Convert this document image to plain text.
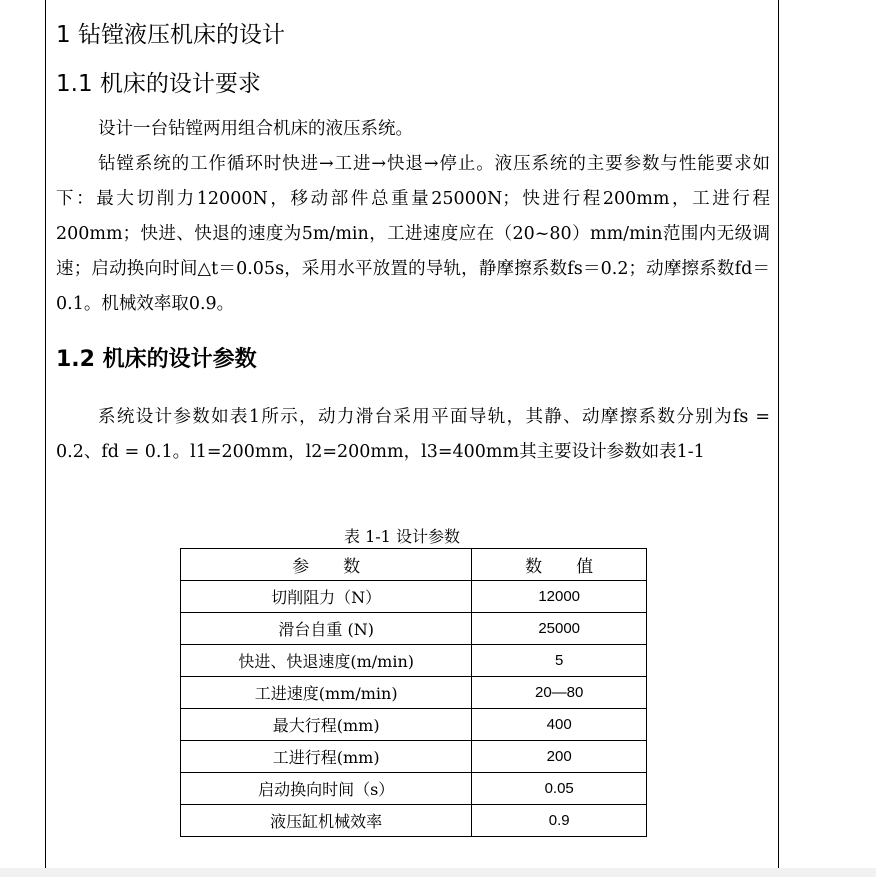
1 钻镗液压机床的设计
1.1 机床的设计要求
设计一台钻镗两用组合机床的液压系统。
钻镗系统的工作循环时快进→工进→快退→停止。液压系统的主要参数与性能要求如下：最大切削力12000N，移动部件总重量25000N；快进行程200mm，工进行程200mm；快进、快退的速度为5m/min，工进速度应在（20~80）mm/min范围内无级调速；启动换向时间△t＝0.05s，采用水平放置的导轨，静摩擦系数fs＝0.2；动摩擦系数fd＝0.1。机械效率取0.9。
1.2 机床的设计参数
系统设计参数如表1所示，动力滑台采用平面导轨，其静、动摩擦系数分别为fs = 0.2、fd = 0.1。l1=200mm，l2=200mm，l3=400mm其主要设计参数如表1-1
表 1-1 设计参数
参　　数	数　　值
切削阻力（N）	12000
滑台自重 (N)	25000
快进、快退速度(m/min)	5
工进速度(mm/min)	20—80
最大行程(mm)	400
工进行程(mm)	200
启动换向时间（s）	0.05
液压缸机械效率	0.9
